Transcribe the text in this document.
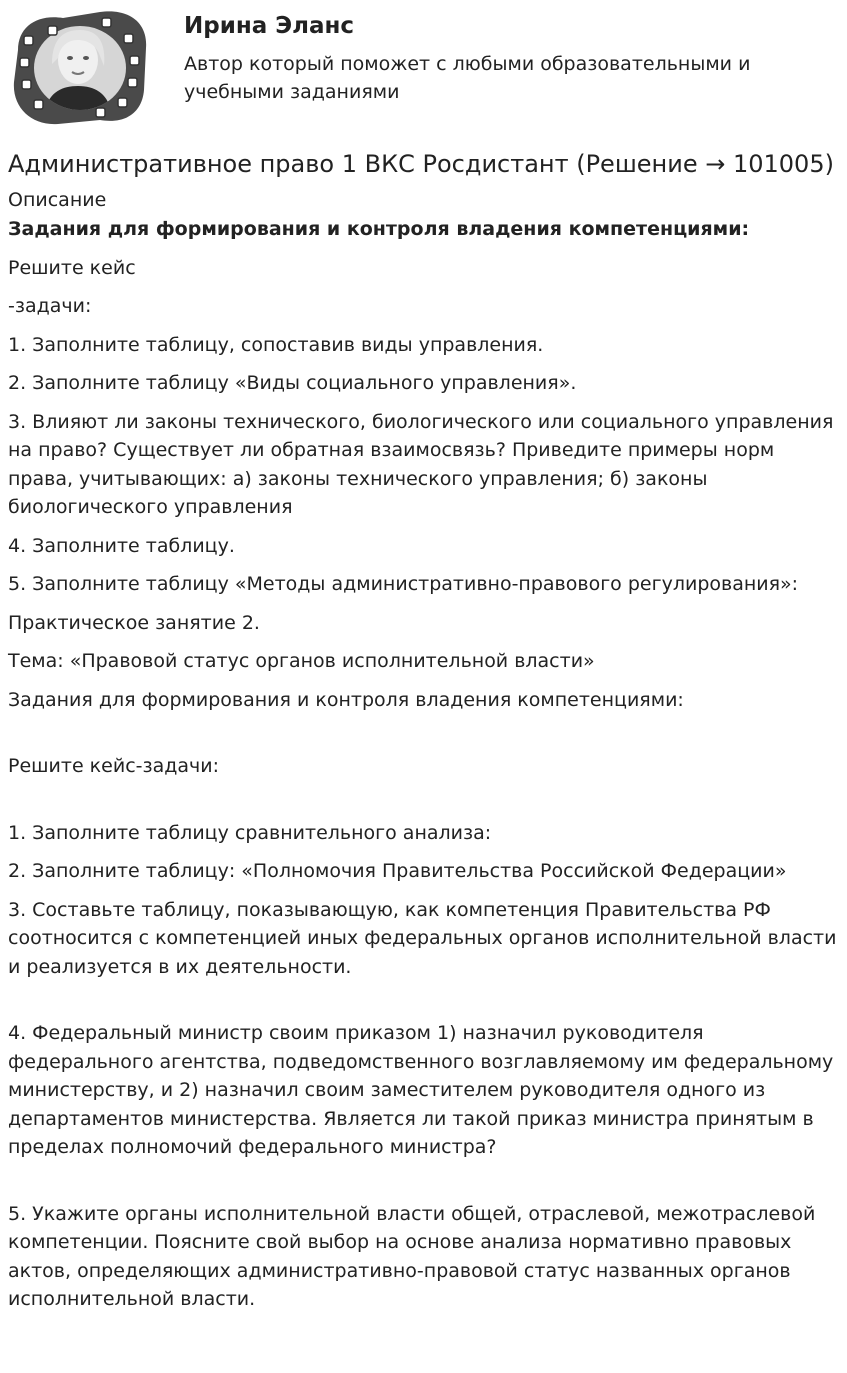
Ирина Эланс
Автор который поможет с любыми образовательными и учебными заданиями
Административное право 1 ВКС Росдистант (Решение → 101005)
Описание

Задания для формирования и контроля владения компетенциями:

Решите кейс

-задачи:

1. Заполните таблицу, сопоставив виды управления.

2. Заполните таблицу «Виды социального управления».

3. Влияют ли законы технического, биологического или социального управления на право? Существует ли обратная взаимосвязь? Приведите примеры норм права, учитывающих: а) законы технического управления; б) законы биологического управления

4. Заполните таблицу.

5. Заполните таблицу «Методы административно-правового регулирования»:

Практическое занятие 2.

Тема: «Правовой статус органов исполнительной власти»

Задания для формирования и контроля владения компетенциями:

Решите кейс-задачи:

1. Заполните таблицу сравнительного анализа:

2. Заполните таблицу: «Полномочия Правительства Российской Федерации»

3. Составьте таблицу, показывающую, как компетенция Правительства РФ соотносится с компетенцией иных федеральных органов исполнительной власти и реализуется в их деятельности.

4. Федеральный министр своим приказом 1) назначил руководителя федерального агентства, подведомственного возглавляемому им федеральному министерству, и 2) назначил своим заместителем руководителя одного из департаментов министерства. Является ли такой приказ министра принятым в пределах полномочий федерального министра?

5. Укажите органы исполнительной власти общей, отраслевой, межотраслевой компетенции. Поясните свой выбор на основе анализа нормативно правовых актов, определяющих административно-правовой статус названных органов исполнительной власти.
